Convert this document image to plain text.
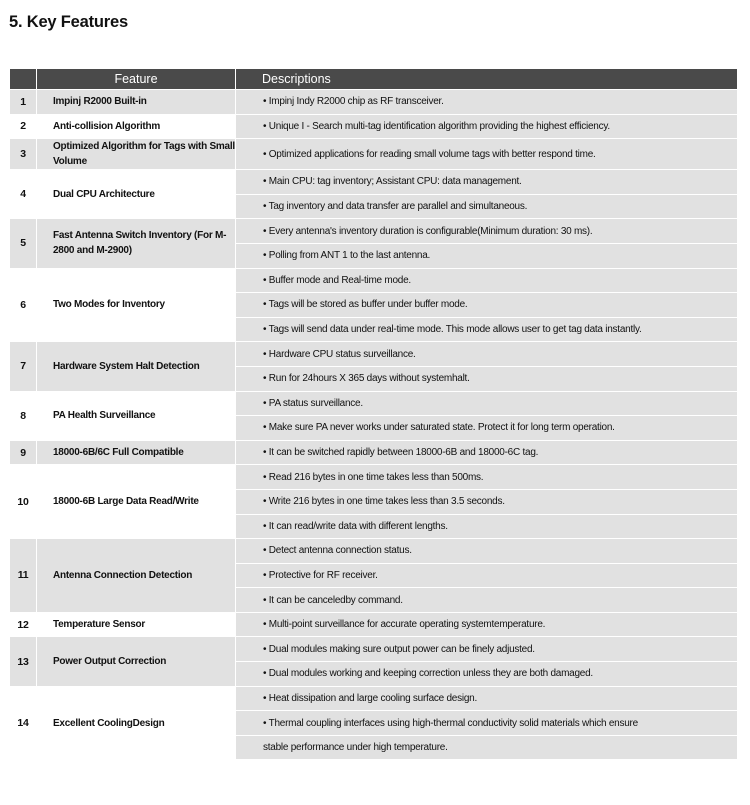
5. Key Features
	Feature	Descriptions
1	Impinj R2000 Built-in	• Impinj Indy R2000 chip as RF transceiver.
2	Anti-collision Algorithm	• Unique I - Search multi-tag identification algorithm providing the highest efficiency.
3	Optimized Algorithm for Tags with Small Volume	• Optimized applications for reading small volume tags with better respond time.
4	Dual CPU Architecture	• Main CPU: tag inventory; Assistant CPU: data management.
		• Tag inventory and data transfer are parallel and simultaneous.
5	Fast Antenna Switch Inventory (For M-2800 and M-2900)	• Every antenna's inventory duration is configurable(Minimum duration: 30 ms).
		• Polling from ANT 1 to the last antenna.
6	Two Modes for Inventory	• Buffer mode and Real-time mode.
		• Tags will be stored as buffer under buffer mode.
		• Tags will send data under real-time mode. This mode allows user to get tag data instantly.
7	Hardware System Halt Detection	• Hardware CPU status surveillance.
		• Run for 24hours X 365 days without systemhalt.
8	PA Health Surveillance	• PA status surveillance.
		• Make sure PA never works under saturated state. Protect it for long term operation.
9	18000-6B/6C Full Compatible	• It can be switched rapidly between 18000-6B and 18000-6C tag.
10	18000-6B Large Data Read/Write	• Read 216 bytes in one time takes less than 500ms.
		• Write 216 bytes in one time takes less than 3.5 seconds.
		• It can read/write data with different lengths.
11	Antenna Connection Detection	• Detect antenna connection status.
		• Protective for RF receiver.
		• It can be canceledby command.
12	Temperature Sensor	• Multi-point surveillance for accurate operating systemtemperature.
13	Power Output Correction	• Dual modules making sure output power can be finely adjusted.
		• Dual modules working and keeping correction unless they are both damaged.
14	Excellent CoolingDesign	• Heat dissipation and large cooling surface design.
		• Thermal coupling interfaces using high-thermal conductivity solid materials which ensure
		stable performance under high temperature.
